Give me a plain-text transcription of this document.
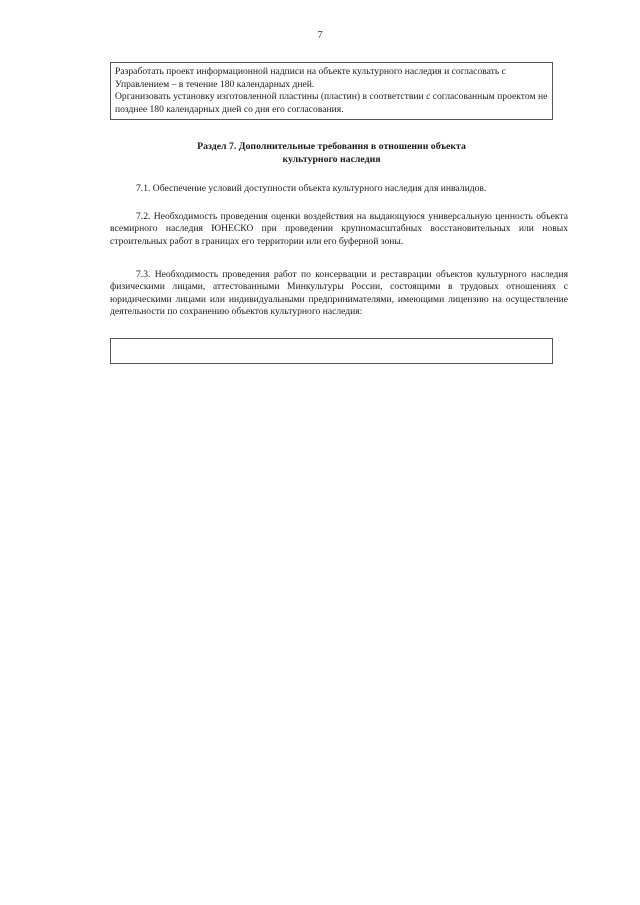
7

Разработать проект информационной надписи на объекте культурного наследия и согласовать с Управлением – в течение 180 календарных дней.

Организовать установку изготовленной пластины (пластин) в соответствии с согласованным проектом не позднее 180 календарных дней со дня его согласования.

Раздел 7. Дополнительные требования в отношении объекта
культурного наследия

7.1. Обеспечение условий доступности объекта культурного наследия для инвалидов.

7.2. Необходимость проведения оценки воздействия на выдающуюся универсальную ценность объекта всемирного наследия ЮНЕСКО при проведении крупномасштабных восстановительных или новых строительных работ в границах его территории или его буферной зоны.

7.3. Необходимость проведения работ по консервации и реставрации объектов культурного наследия физическими лицами, аттестованными Минкультуры России, состоящими в трудовых отношениях с юридическими лицами или индивидуальными предпринимателями, имеющими лицензию на осуществление деятельности по сохранению объектов культурного наследия:
